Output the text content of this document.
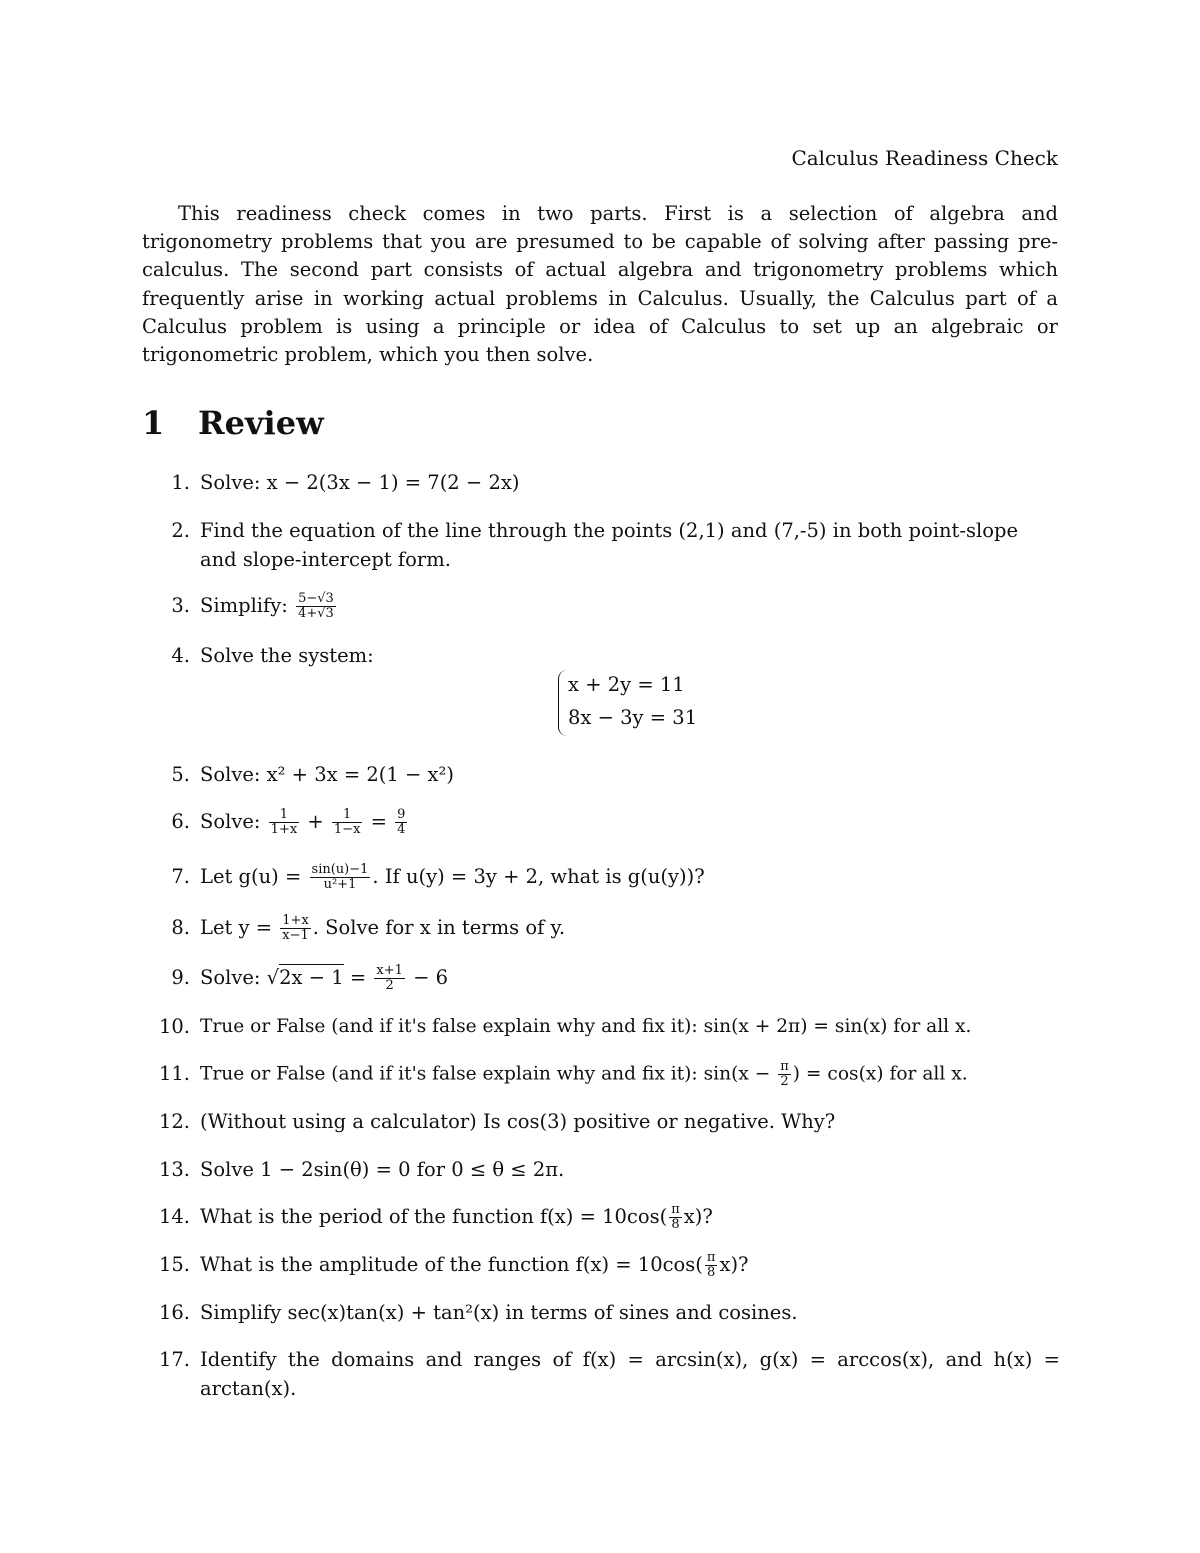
Calculus Readiness Check

This readiness check comes in two parts. First is a selection of algebra and trigonometry problems that you are presumed to be capable of solving after passing pre-calculus. The second part consists of actual algebra and trigonometry problems which frequently arise in working actual problems in Calculus. Usually, the Calculus part of a Calculus problem is using a principle or idea of Calculus to set up an algebraic or trigonometric problem, which you then solve.

1 Review
1. Solve: x − 2(3x − 1) = 7(2 − 2x)
2. Find the equation of the line through the points (2,1) and (7,-5) in both point-slope and slope-intercept form.
3. Simplify: $\frac{5-√3}{4+√3}$
4. Solve the system:
x + 2y = 11
8x − 3y = 31
5. Solve: x² + 3x = 2(1 − x²)
6. Solve: $\frac{1}{1+x} + \frac{1}{1-x} = \frac{9}{4}$
7. Let $g(u) = \frac{\sin(u)-1}{\text{u²+1}}$ . If u(y) = 3y + 2, what is g(u(y))?
8. Let $y = \frac{1+x}{x-1}$ . Solve for x in terms of y.
9. Solve: $√2x - 1 = \frac{x+1}{2} - 6$
10. True or False (and if it's false explain why and fix it): sin(x + 2π) = sin(x) for all x.
11. True or False (and if it's false explain why and fix it): $\sin(x - \frac{\pi}{2}$ ) = cos(x) for all x.
12. (Without using a calculator) Is cos(3) positive or negative. Why?
13. Solve 1 − 2sin(θ) = 0 for 0 ≤ θ ≤ 2π.
14. What is the period of the function $f(x) = 10\cos( \frac{\pi}{8} x)$?
15. What is the amplitude of the function $f(x) = 10\cos( \frac{\pi}{8} x)$?
16. Simplify sec(x)tan(x) + tan²(x) in terms of sines and cosines.
17. Identify the domains and ranges of f(x) = arcsin(x), g(x) = arccos(x), and h(x) = arctan(x).
